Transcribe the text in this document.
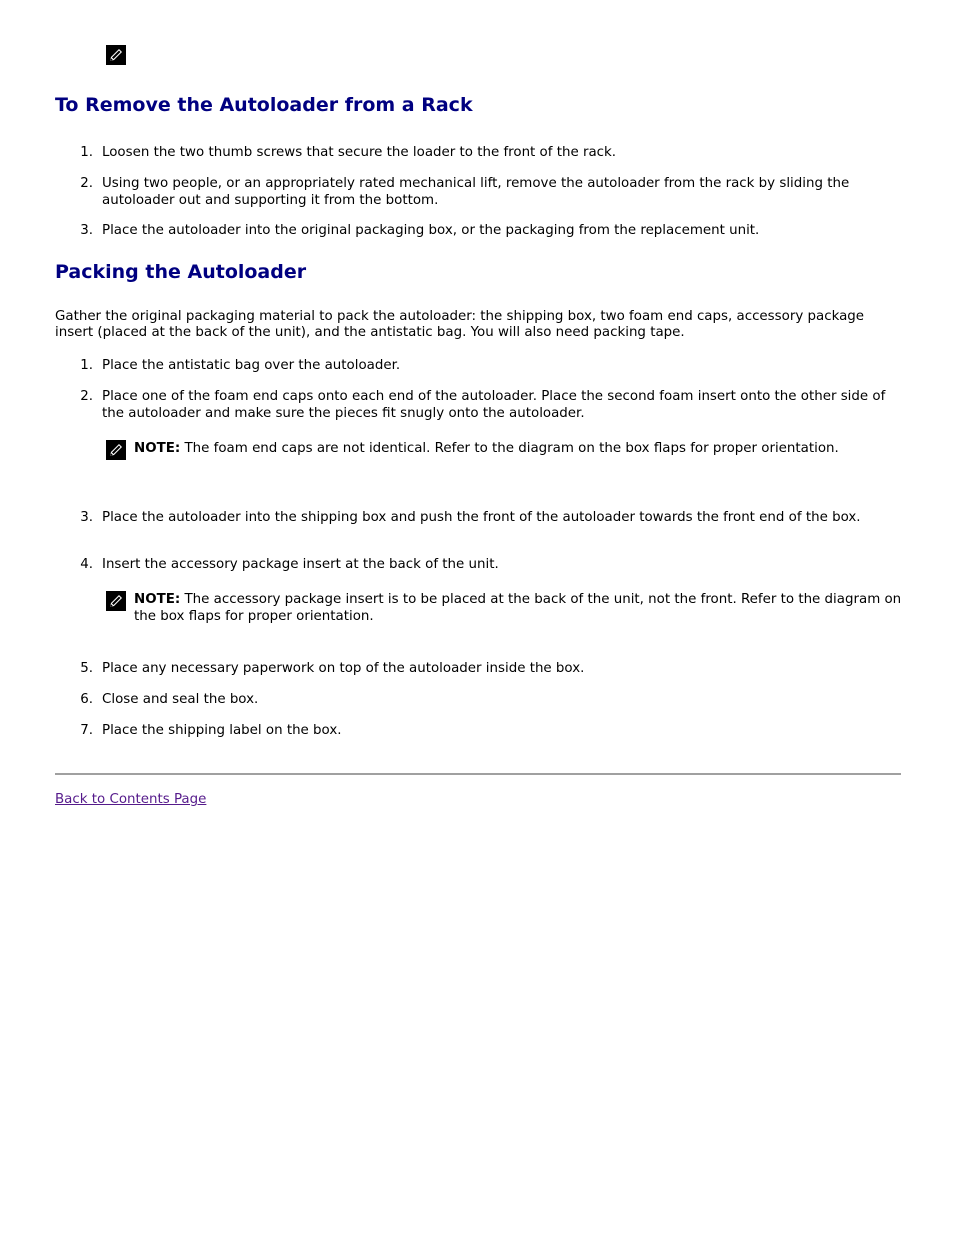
To Remove the Autoloader from a Rack
1. Loosen the two thumb screws that secure the loader to the front of the rack.
2. Using two people, or an appropriately rated mechanical lift, remove the autoloader from the rack by sliding the autoloader out and supporting it from the bottom.
3. Place the autoloader into the original packaging box, or the packaging from the replacement unit.
Packing the Autoloader

Gather the original packaging material to pack the autoloader: the shipping box, two foam end caps, accessory package insert (placed at the back of the unit), and the antistatic bag. You will also need packing tape.

1. Place the antistatic bag over the autoloader.
2. Place one of the foam end caps onto each end of the autoloader. Place the second foam insert onto the other side of the autoloader and make sure the pieces fit snugly onto the autoloader.
NOTE: The foam end caps are not identical. Refer to the diagram on the box flaps for proper orientation.
3. Place the autoloader into the shipping box and push the front of the autoloader towards the front end of the box.
4. Insert the accessory package insert at the back of the unit.
NOTE: The accessory package insert is to be placed at the back of the unit, not the front. Refer to the diagram on the box flaps for proper orientation.
5. Place any necessary paperwork on top of the autoloader inside the box.
6. Close and seal the box.
7. Place the shipping label on the box.
Back to Contents Page
